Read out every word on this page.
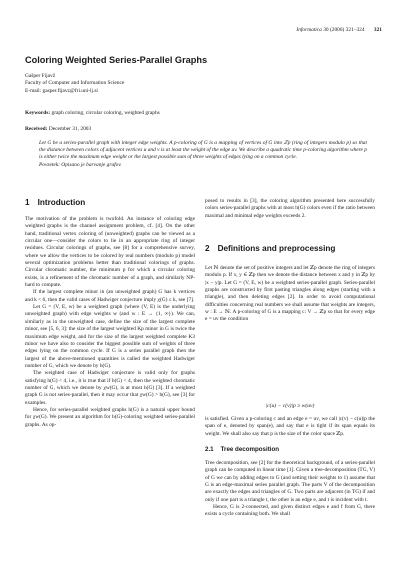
Informatica 30 (2006) 321–324 321
Coloring Weighted Series-Parallel Graphs
Gašper Fijavž
Faculty of Computer and Information Science
E-mail: gasper.fijavz@fri.uni-lj.si
Keywords: graph coloring, circular coloring, weighted graphs
Received: December 31, 2003

Let G be a series-parallel graph with integer edge weights. A p-coloring of G is a mapping of vertices of G into ℤp (ring of integers modulo p) so that the distance between colors of adjacent vertices u and v is at least the weight of the edge uv. We describe a quadratic time p-coloring algorithm where p is either twice the maximum edge weight or the largest possible sum of three weights of edges lying on a common cycle.

Povzetek: Opisano je barvanje grafov.

1 Introduction

The motivation of the problem is twofold. An instance of coloring edge weighted graphs is the channel assignment problem, cf. [4]. On the other hand, traditional vertex coloring of (unweighted) graphs can be viewed as a circular one—consider the colors to lie in an appropriate ring of integer residues. Circular colorings of graphs, see [8] for a comprehensive survey, where we allow the vertices to be colored by real numbers (modulo p) model several optimization problems better than traditional colorings of graphs. Circular chromatic number, the minimum p for which a circular coloring exists, is a refinement of the chromatic number of a graph, and similarly NP-hard to compute.

If the largest complete minor in (an unweighted graph) G has k vertices and k < 6, then the valid cases of Hadwiger conjecture imply χ(G) ≤ k, see [7].

Let G = (V, E, w) be a weighted graph (where (V, E) is the underlying unweighted graph) with edge weights w (and w : E → {1, ∞}). We can, similarly as in the unweighted case, define the size of the largest complete minor, see [5, 6, 3]: the size of the largest weighted Kp minor in G is twice the maximum edge weight, and for the size of the largest weighted complete K3 minor we have also to consider the biggest possible sum of weights of three edges lying on the common cycle. If G is a series parallel graph then the largest of the above-mentioned quantities is called the weighted Hadwiger number of G, which we denote by h(G).

The weighted case of Hadwiger conjecture is valid only for graphs satisfying h(G) < 4, i.e., it is true that if h(G) < 4, then the weighted chromatic number of G, which we denote by χw(G), is at most h(G) [3]. If a weighted graph G is not series-parallel, then it may occur that χw(G) > h(G), see [3] for examples.

Hence, for series-parallel weighted graphs h(G) is a natural upper bound for χw(G). We present an algorithm for h(G)-coloring weighted series-parallel graphs. As op-

posed to results in [3], the coloring algorithm presented here successfully colors series-parallel graphs with at most h(G) colors even if the ratio between maximal and minimal edge weights exceeds 2.

2 Definitions and preprocessing

Let ℕ denote the set of positive integers and let ℤp denote the ring of integers modulo p. If x, y ∈ ℤp then we denote the distance between x and y in ℤp by |x − y|p. Let G = (V, E, w) be a weighted series-parallel graph. Series-parallel graphs are constructed by first pasting triangles along edges (starting with a triangle), and then deleting edges [2]. In order to avoid computational difficulties concerning real numbers we shall assume that weights are integers, w : E → ℕ. A p-coloring of G is a mapping c: V → ℤp so that for every edge e = uv the condition

|c(u) − c(v)|p ≥ w(uv)

is satisfied. Given a p-coloring c and an edge e = uv, we call |c(v) − c(u)|p the span of e, denoted by span(e), and say that e is tight if its span equals its weight. We shall also say that p is the size of the color space ℤp.

2.1 Tree decomposition

Tree decomposition, see [2] for the theoretical background, of a series-parallel graph can be computed in linear time [1]. Given a tree-decomposition (TG, V) of G we can by adding edges to G (and setting their weights to 1) assume that G is an edge-maximal series parallel graph. The parts V of the decomposition are exactly the edges and triangles of G. Two parts are adjacent (in TG) if and only if one part is a triangle t, the other is an edge e, and t is incident with t.

Hence, G is 2-connected, and given distinct edges e and f from G, there exists a cycle containing both. We shall
